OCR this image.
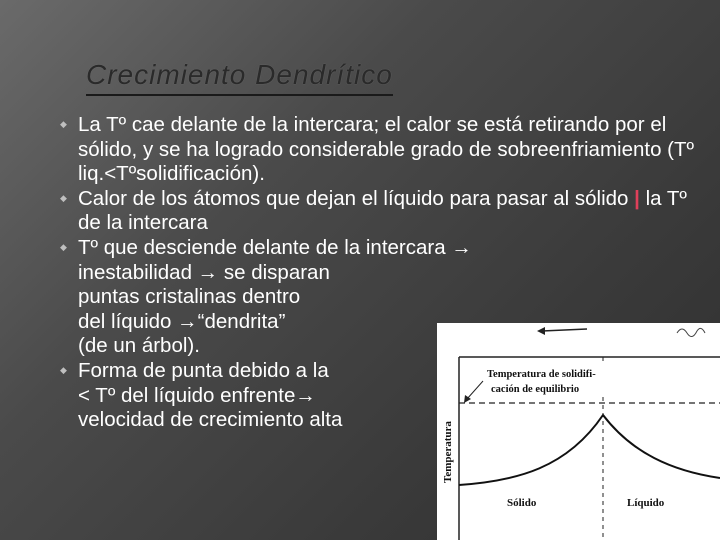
Crecimiento Dendrítico
◆ La Tº cae delante de la intercara; el calor se está retirando por el sólido, y se ha logrado considerable grado de sobreenfriamiento (Tº liq.<Tºsolidificación).
◆ Calor de los átomos que dejan el líquido para pasar al sólido | la Tº de la intercara
◆ Tº que desciende delante de la intercara →
inestabilidad → se disparan
puntas cristalinas dentro
del líquido →“dendrita”
(de un árbol).
◆ Forma de punta debido a la
< Tº del líquido enfrente→
velocidad de crecimiento alta
Temperatura de solidifi-
cación de equilibrio
Temperatura
Sólido	Líquido
